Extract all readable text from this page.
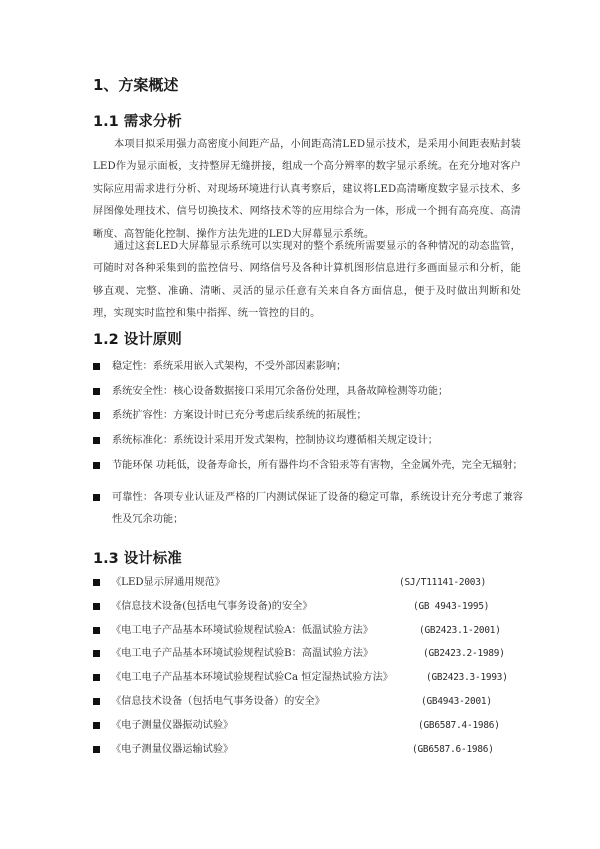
1、方案概述
1.1 需求分析

本项目拟采用强力高密度小间距产品，小间距高清LED显示技术，是采用小间距表贴封装LED作为显示面板，支持整屏无缝拼接，组成一个高分辨率的数字显示系统。在充分地对客户实际应用需求进行分析、对现场环境进行认真考察后，建议将LED高清晰度数字显示技术、多屏图像处理技术、信号切换技术、网络技术等的应用综合为一体，形成一个拥有高亮度、高清晰度、高智能化控制、操作方法先进的LED大屏幕显示系统。

通过这套LED大屏幕显示系统可以实现对的整个系统所需要显示的各种情况的动态监管，可随时对各种采集到的监控信号、网络信号及各种计算机图形信息进行多画面显示和分析，能够直观、完整、准确、清晰、灵活的显示任意有关来自各方面信息，便于及时做出判断和处理，实现实时监控和集中指挥、统一管控的目的。

1.2 设计原则
稳定性：系统采用嵌入式架构，不受外部因素影响；
系统安全性：核心设备数据接口采用冗余备份处理，具备故障检测等功能；
系统扩容性：方案设计时已充分考虑后续系统的拓展性；
系统标准化：系统设计采用开发式架构，控制协议均遵循相关规定设计；
节能环保 功耗低，设备寿命长，所有器件均不含铅汞等有害物，全金属外壳，完全无辐射；
可靠性：各项专业认证及严格的厂内测试保证了设备的稳定可靠，系统设计充分考虑了兼容性及冗余功能；
1.3 设计标准
《LED显示屏通用规范》	(SJ/T11141-2003)
《信息技术设备(包括电气事务设备)的安全》	(GB 4943-1995)
《电工电子产品基本环境试验规程试验A：低温试验方法》	(GB2423.1-2001)
《电工电子产品基本环境试验规程试验B：高温试验方法》	(GB2423.2-1989)
《电工电子产品基本环境试验规程试验Ca 恒定湿热试验方法》	(GB2423.3-1993)
《信息技术设备（包括电气事务设备）的安全》	(GB4943-2001)
《电子测量仪器振动试验》	(GB6587.4-1986)
《电子测量仪器运输试验》	(GB6587.6-1986)
